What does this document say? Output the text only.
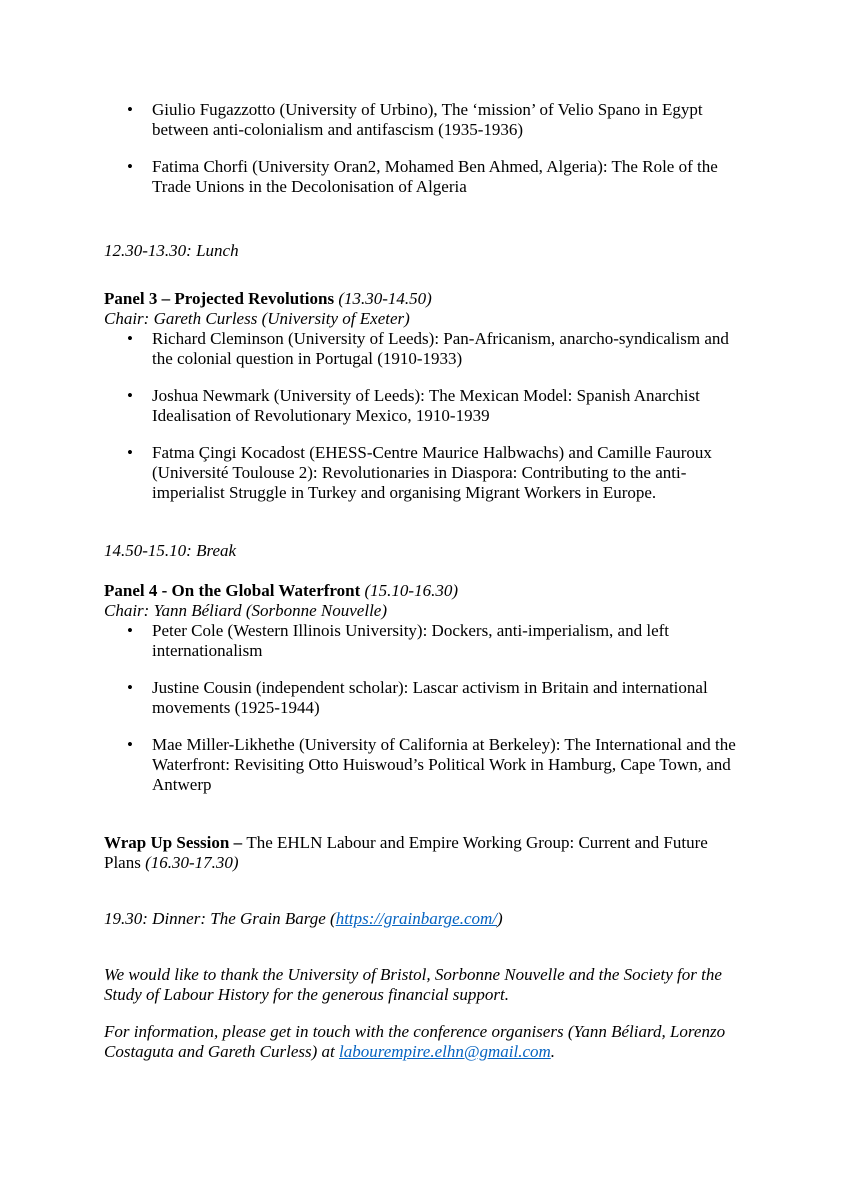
• Giulio Fugazzotto (University of Urbino), The ‘mission’ of Velio Spano in Egypt between anti-colonialism and antifascism (1935-1936)
• Fatima Chorfi (University Oran2, Mohamed Ben Ahmed, Algeria): The Role of the Trade Unions in the Decolonisation of Algeria

12.30-13.30: Lunch

Panel 3 – Projected Revolutions (13.30-14.50)

Chair: Gareth Curless (University of Exeter)

• Richard Cleminson (University of Leeds): Pan-Africanism, anarcho-syndicalism and the colonial question in Portugal (1910-1933)
• Joshua Newmark (University of Leeds): The Mexican Model: Spanish Anarchist Idealisation of Revolutionary Mexico, 1910-1939
• Fatma Çingi Kocadost (EHESS-Centre Maurice Halbwachs) and Camille Fauroux (Université Toulouse 2): Revolutionaries in Diaspora: Contributing to the anti-imperialist Struggle in Turkey and organising Migrant Workers in Europe.

14.50-15.10: Break

Panel 4 - On the Global Waterfront (15.10-16.30)

Chair: Yann Béliard (Sorbonne Nouvelle)

• Peter Cole (Western Illinois University): Dockers, anti-imperialism, and left internationalism
• Justine Cousin (independent scholar): Lascar activism in Britain and international movements (1925-1944)
• Mae Miller-Likhethe (University of California at Berkeley): The International and the Waterfront: Revisiting Otto Huiswoud’s Political Work in Hamburg, Cape Town, and Antwerp

Wrap Up Session – The EHLN Labour and Empire Working Group: Current and Future Plans (16.30-17.30)

19.30: Dinner: The Grain Barge (https://grainbarge.com/)

We would like to thank the University of Bristol, Sorbonne Nouvelle and the Society for the Study of Labour History for the generous financial support.

For information, please get in touch with the conference organisers (Yann Béliard, Lorenzo Costaguta and Gareth Curless) at labourempire.elhn@gmail.com.
